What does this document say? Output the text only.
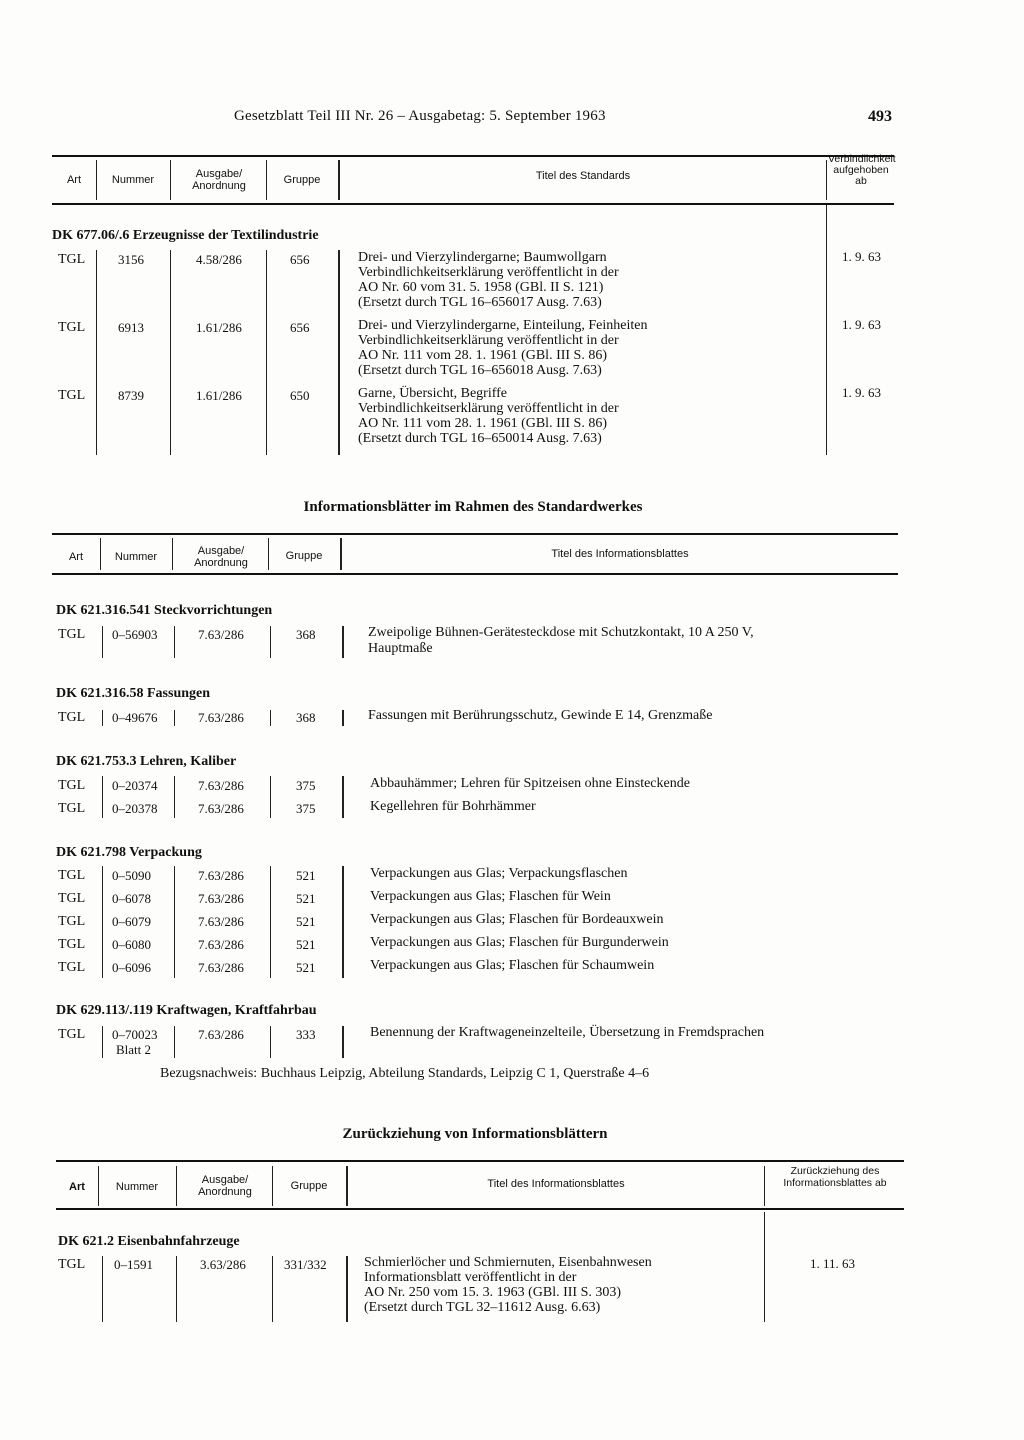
Gesetzblatt Teil III Nr. 26 – Ausgabetag: 5. September 1963	493
Art	Nummer	Ausgabe/ Anordnung	Gruppe	Titel des Standards
Verbindlichkeit aufgehoben ab
DK 677.06/.6 Erzeugnisse der Textilindustrie
TGL	3156	4.58/286	656	Drei- und Vierzylindergarne; Baumwollgarn
Verbindlichkeitserklärung veröffentlicht in der
AO Nr. 60 vom 31. 5. 1958 (GBl. II S. 121)
(Ersetzt durch TGL 16–656017 Ausg. 7.63)
1. 9. 63
TGL	6913	1.61/286	656	Drei- und Vierzylindergarne, Einteilung, Feinheiten
Verbindlichkeitserklärung veröffentlicht in der
AO Nr. 111 vom 28. 1. 1961 (GBl. III S. 86)
(Ersetzt durch TGL 16–656018 Ausg. 7.63)
1. 9. 63
TGL	8739	1.61/286	650	Garne, Übersicht, Begriffe
Verbindlichkeitserklärung veröffentlicht in der
AO Nr. 111 vom 28. 1. 1961 (GBl. III S. 86)
(Ersetzt durch TGL 16–650014 Ausg. 7.63)
1. 9. 63
Informationsblätter im Rahmen des Standardwerkes
Art	Nummer	Ausgabe/ Anordnung
Gruppe	Titel des Informationsblattes
DK 621.316.541 Steckvorrichtungen
TGL 0–56903	7.63/286	368	Zweipolige Bühnen-Gerätesteckdose mit Schutzkontakt, 10 A 250 V,
Hauptmaße
DK 621.316.58 Fassungen
TGL 0–49676	7.63/286	368	Fassungen mit Berührungsschutz, Gewinde E 14, Grenzmaße
DK 621.753.3 Lehren, Kaliber
TGL 0–20374	7.63/286	375	Abbauhämmer; Lehren für Spitzeisen ohne Einsteckende
TGL 0–20378	7.63/286	375	Kegellehren für Bohrhämmer
DK 621.798 Verpackung
TGL 0–5090	7.63/286	521	Verpackungen aus Glas; Verpackungsflaschen
TGL 0–6078	7.63/286	521	Verpackungen aus Glas; Flaschen für Wein
TGL 0–6079	7.63/286	521	Verpackungen aus Glas; Flaschen für Bordeauxwein
TGL 0–6080	7.63/286	521	Verpackungen aus Glas; Flaschen für Burgunderwein
TGL 0–6096	7.63/286	521	Verpackungen aus Glas; Flaschen für Schaumwein
DK 629.113/.119 Kraftwagen, Kraftfahrbau
TGL 0–70023
Blatt 2
7.63/286	333	Benennung der Kraftwageneinzelteile, Übersetzung in Fremdsprachen
Bezugsnachweis: Buchhaus Leipzig, Abteilung Standards, Leipzig C 1, Querstraße 4–6
Zurückziehung von Informationsblättern
Art	Nummer
Ausgabe/ Anordnung	Gruppe	Titel des Informationsblattes
Zurückziehung des Informationsblattes ab
DK 621.2 Eisenbahnfahrzeuge
TGL 0–1591	3.63/286	331/332	Schmierlöcher und Schmiernuten, Eisenbahnwesen
Informationsblatt veröffentlicht in der
AO Nr. 250 vom 15. 3. 1963 (GBl. III S. 303)
(Ersetzt durch TGL 32–11612 Ausg. 6.63)
1. 11. 63
